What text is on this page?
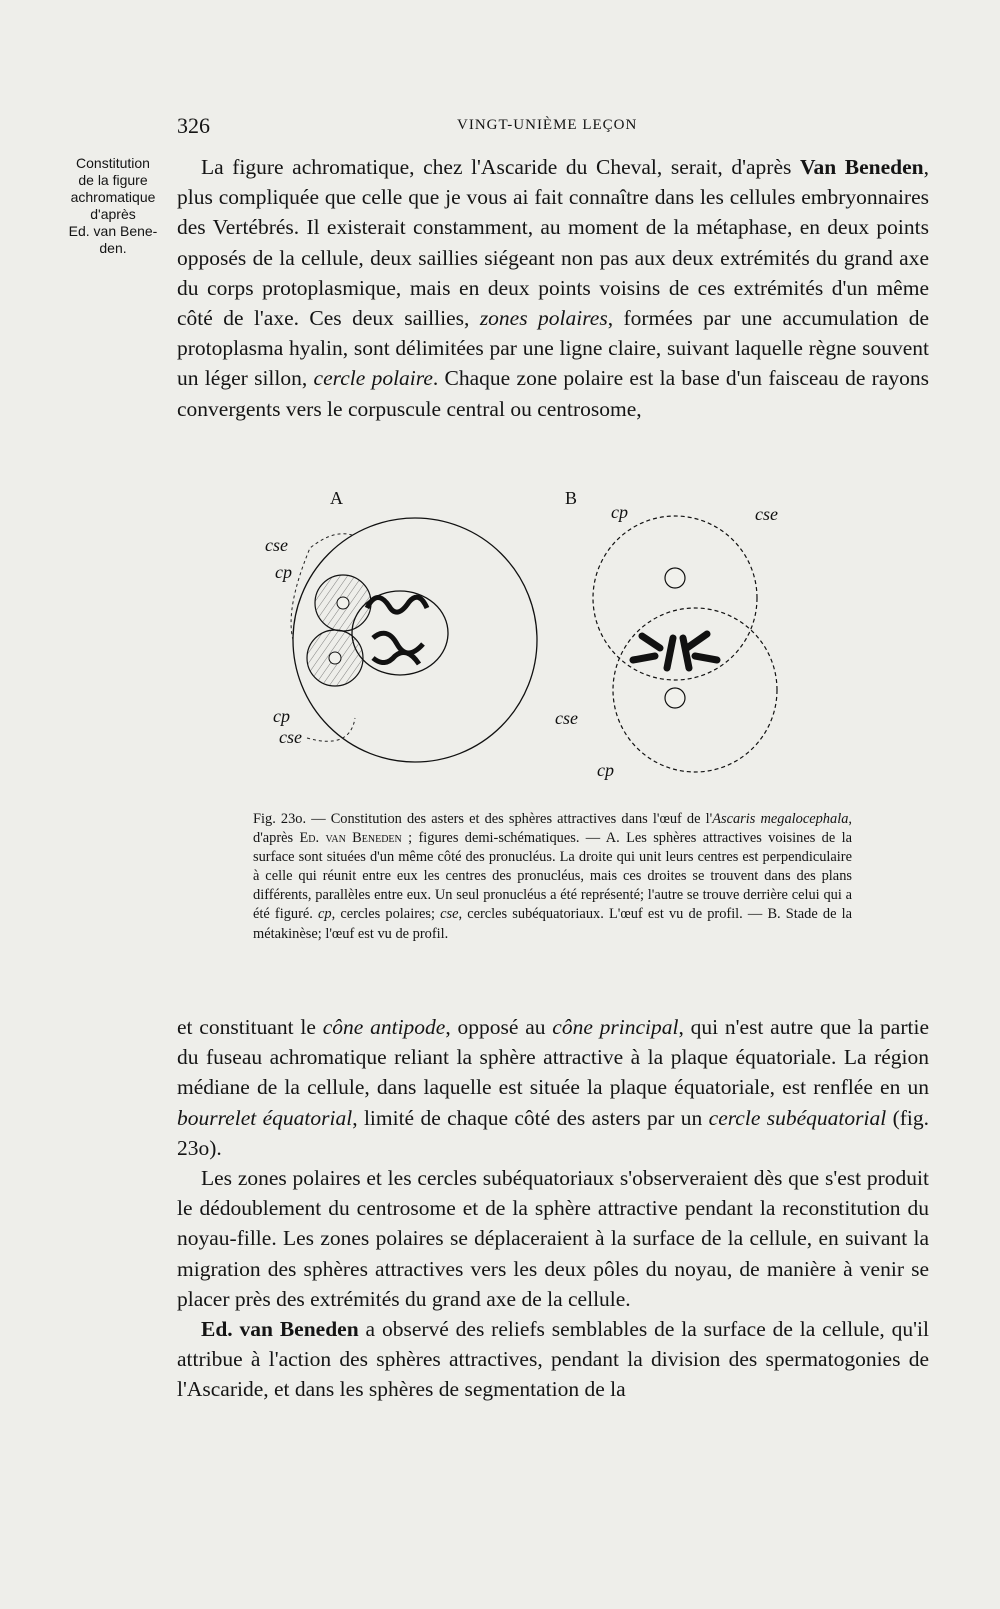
326	VINGT-UNIÈME LEÇON
Constitution
de la figure
achromatique
d'après
Ed. van Bene-
den.

La figure achromatique, chez l'Ascaride du Cheval, serait, d'après Van Beneden, plus compliquée que celle que je vous ai fait connaître dans les cellules embryonnaires des Vertébrés. Il existerait constamment, au moment de la métaphase, en deux points opposés de la cellule, deux saillies siégeant non pas aux deux extrémités du grand axe du corps protoplasmique, mais en deux points voisins de ces extrémités d'un même côté de l'axe. Ces deux saillies, zones polaires, formées par une accumulation de protoplasma hyalin, sont délimitées par une ligne claire, suivant laquelle règne souvent un léger sillon, cercle polaire. Chaque zone polaire est la base d'un faisceau de rayons convergents vers le corpuscule central ou centrosome,

A
cse
cp
cp
cse
B
cp	cse
cse
cp
Fig. 23o. — Constitution des asters et des sphères attractives dans l'œuf de l'Ascaris megalocephala, d'après Ed. van Beneden ; figures demi-schématiques. — A. Les sphères attractives voisines de la surface sont situées d'un même côté des pronucléus. La droite qui unit leurs centres est perpendiculaire à celle qui réunit entre eux les centres des pronucléus, mais ces droites se trouvent dans des plans différents, parallèles entre eux. Un seul pronucléus a été représenté; l'autre se trouve derrière celui qui a été figuré. cp, cercles polaires; cse, cercles subéquatoriaux. L'œuf est vu de profil. — B. Stade de la métakinèse; l'œuf est vu de profil.

et constituant le cône antipode, opposé au cône principal, qui n'est autre que la partie du fuseau achromatique reliant la sphère attractive à la plaque équatoriale. La région médiane de la cellule, dans laquelle est située la plaque équatoriale, est renflée en un bourrelet équatorial, limité de chaque côté des asters par un cercle subéquatorial (fig. 23o).

Les zones polaires et les cercles subéquatoriaux s'observeraient dès que s'est produit le dédoublement du centrosome et de la sphère attractive pendant la reconstitution du noyau-fille. Les zones polaires se déplaceraient à la surface de la cellule, en suivant la migration des sphères attractives vers les deux pôles du noyau, de manière à venir se placer près des extrémités du grand axe de la cellule.

Ed. van Beneden a observé des reliefs semblables de la surface de la cellule, qu'il attribue à l'action des sphères attractives, pendant la division des spermatogonies de l'Ascaride, et dans les sphères de segmentation de la
